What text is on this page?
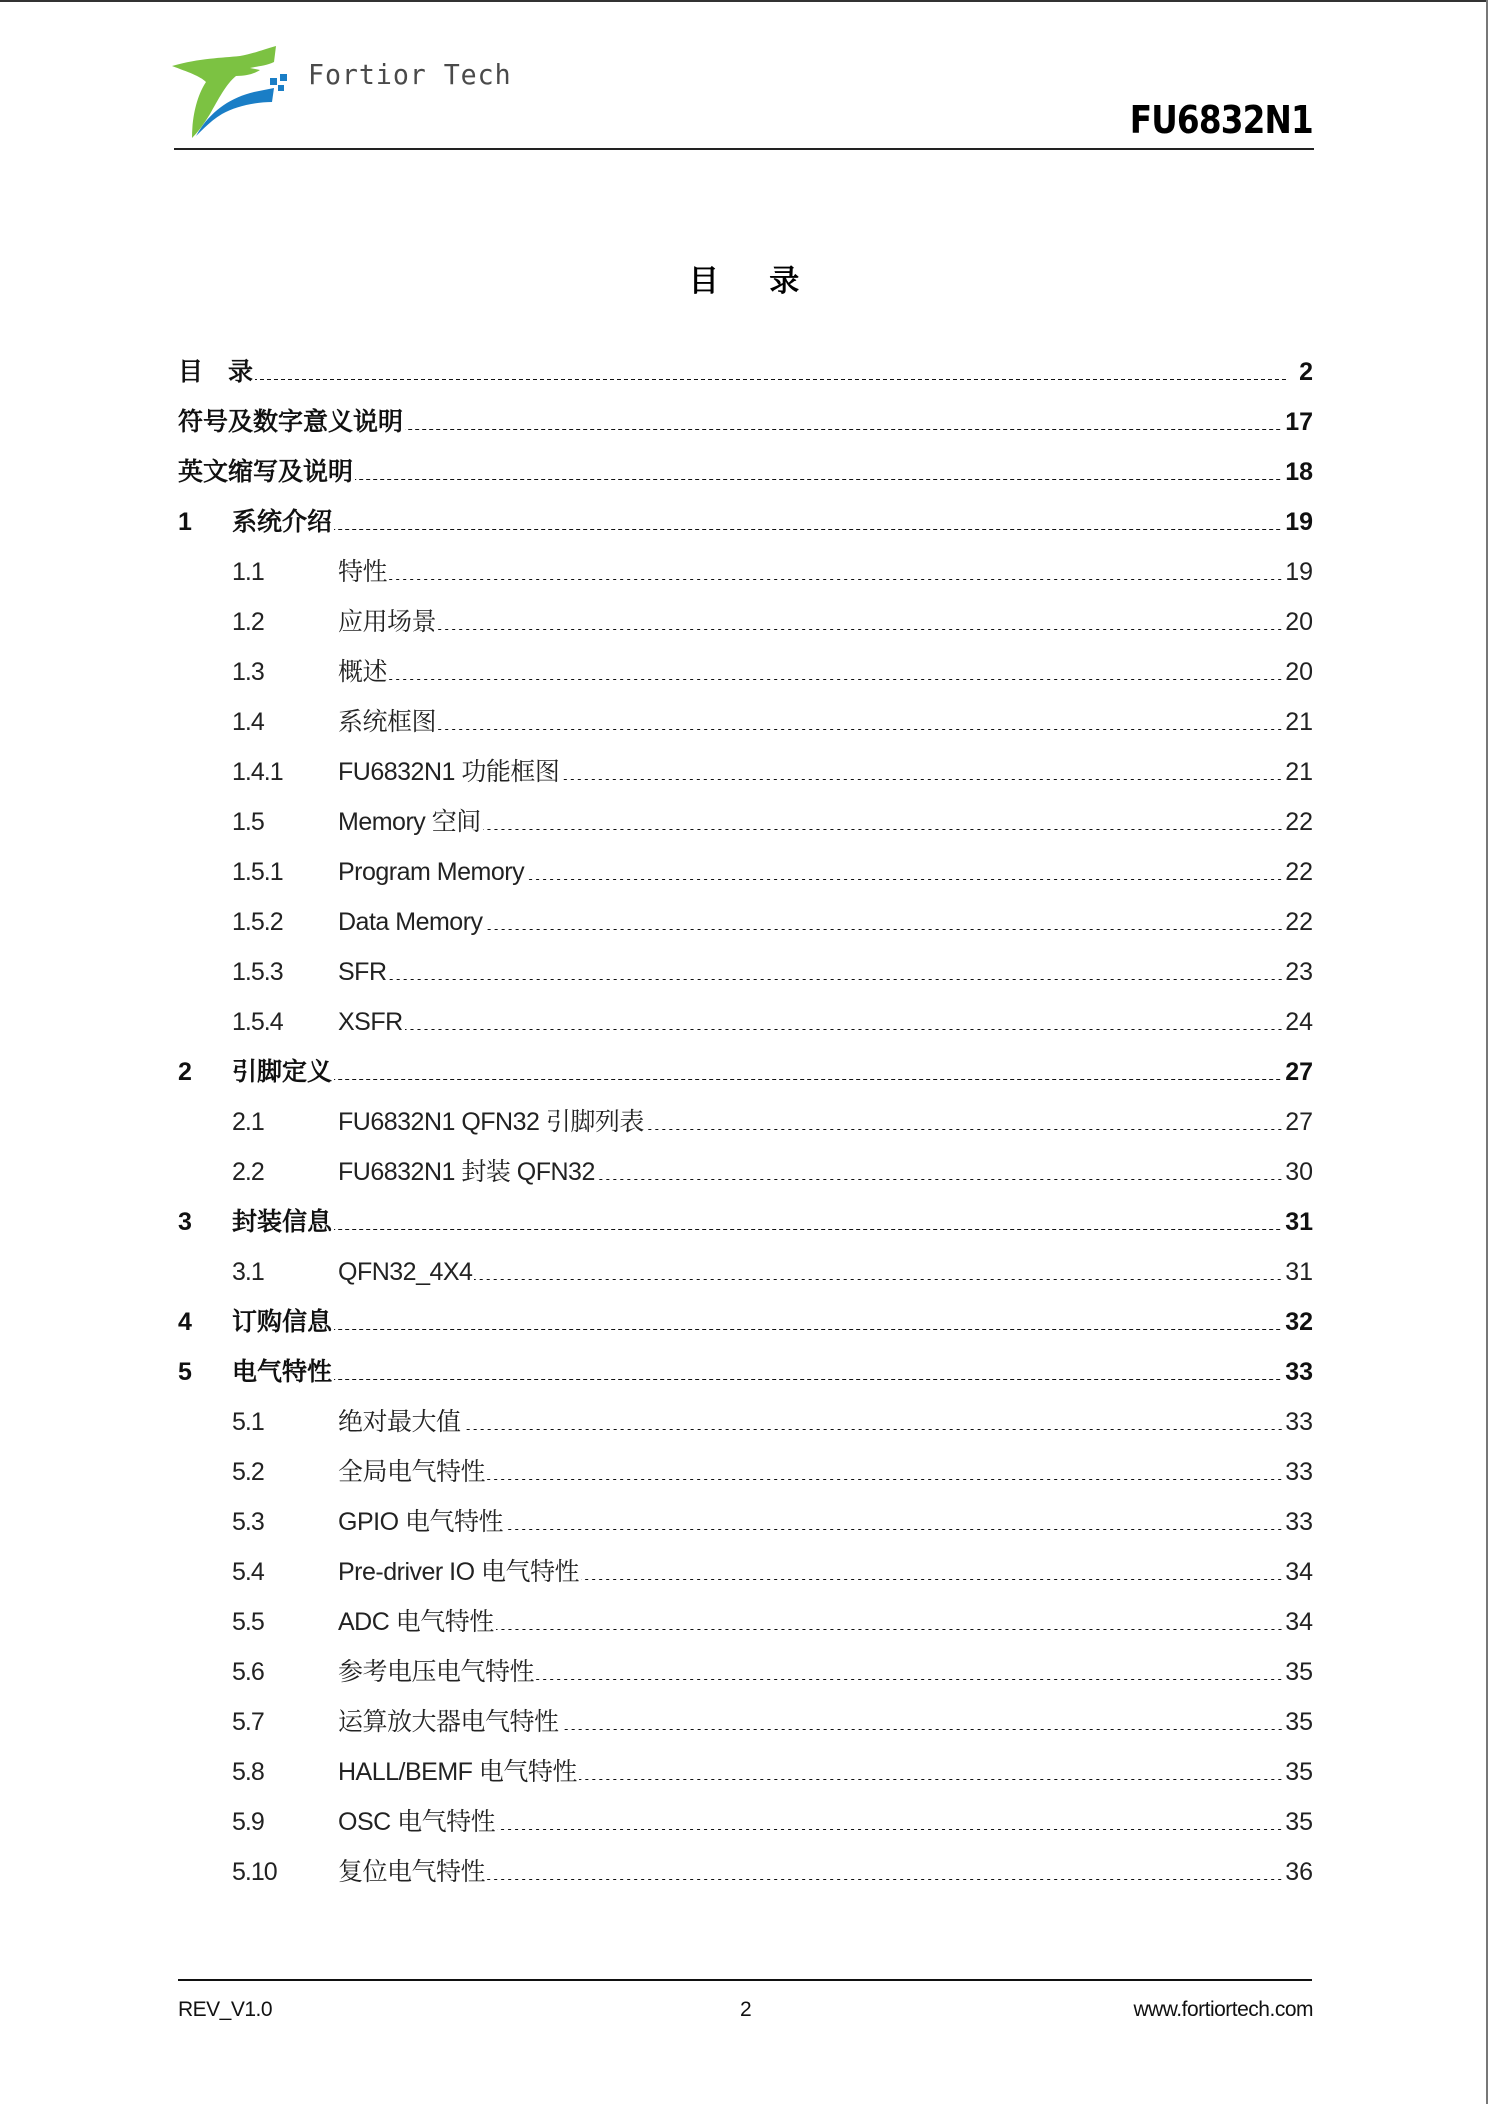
Fortior Tech
FU6832N1
目 录
目　录	2
符号及数字意义说明	17
英文缩写及说明	18
1	系统介绍	19
1.1	特性	19
1.2	应用场景	20
1.3	概述	20
1.4	系统框图	21
1.4.1	FU6832N1 功能框图	21
1.5	Memory 空间	22
1.5.1	Program Memory	22
1.5.2	Data Memory	22
1.5.3	SFR	23
1.5.4	XSFR	24
2	引脚定义	27
2.1	FU6832N1 QFN32 引脚列表	27
2.2	FU6832N1 封装 QFN32	30
3	封装信息	31
3.1	QFN32_4X4	31
4	订购信息	32
5	电气特性	33
5.1	绝对最大值	33
5.2	全局电气特性	33
5.3	GPIO 电气特性	33
5.4	Pre-driver IO 电气特性	34
5.5	ADC 电气特性	34
5.6	参考电压电气特性	35
5.7	运算放大器电气特性	35
5.8	HALL/BEMF 电气特性	35
5.9	OSC 电气特性	35
5.10	复位电气特性	36
REV_V1.0	2	www.fortiortech.com
